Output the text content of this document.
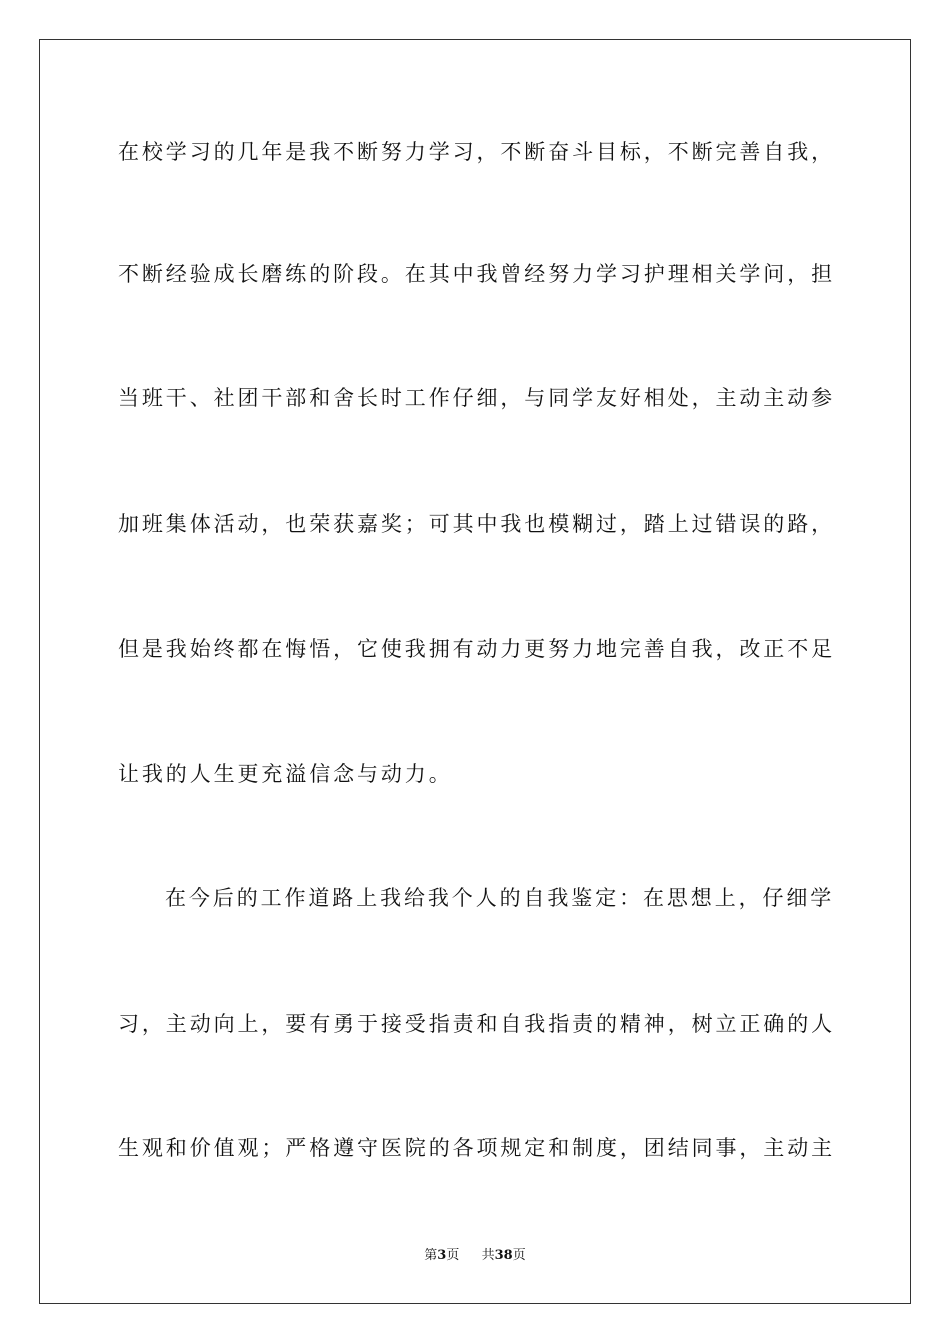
在校学习的几年是我不断努力学习，不断奋斗目标，不断完善自我，
不断经验成长磨练的阶段。在其中我曾经努力学习护理相关学问，担
当班干、社团干部和舍长时工作仔细，与同学友好相处，主动主动参
加班集体活动，也荣获嘉奖；可其中我也模糊过，踏上过错误的路，
但是我始终都在悔悟，它使我拥有动力更努力地完善自我，改正不足
让我的人生更充溢信念与动力。
在今后的工作道路上我给我个人的自我鉴定：在思想上，仔细学
习，主动向上，要有勇于接受指责和自我指责的精神，树立正确的人
生观和价值观；严格遵守医院的各项规定和制度，团结同事，主动主
第3页 共38页
